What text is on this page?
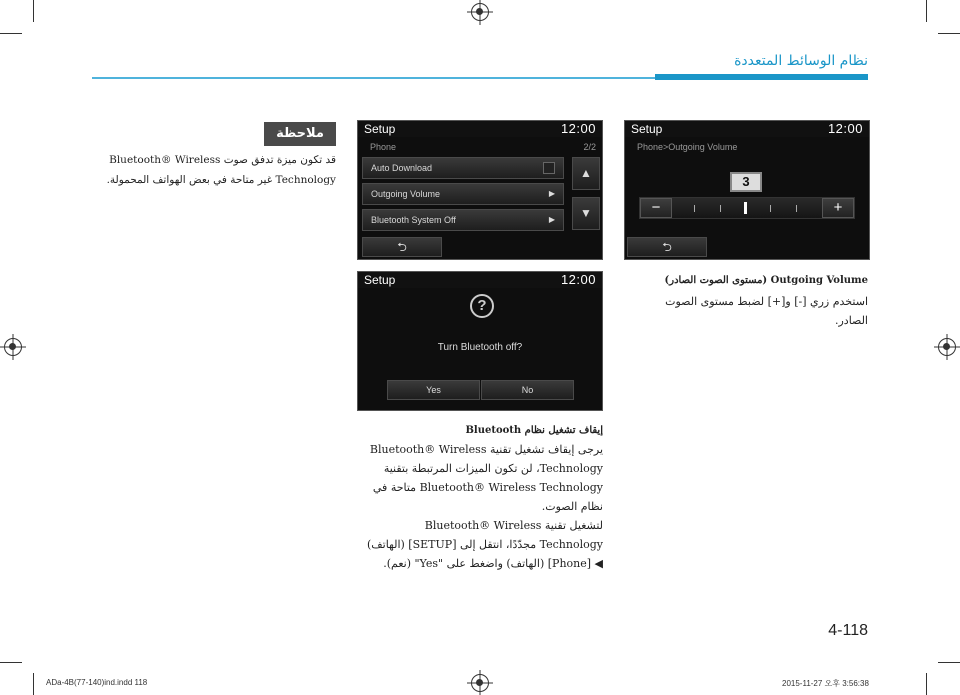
نظام الوسائط المتعددة
ملاحظة
قد تكون ميزة تدفق صوت Bluetooth® Wireless
Technology غير متاحة في بعض الهواتف المحمولة.
Setup	12:00
Phone	2/2
Auto Download
Outgoing Volume	▶
Bluetooth System Off	▶
▲
▼
⮌
Setup	12:00
Phone>Outgoing Volume
3
−	+
⮌
Setup	12:00
?
Turn Bluetooth off?
Yes	No
Outgoing Volume (مستوى الصوت الصادر)

استخدم زري [-] و[+] لضبط مستوى الصوت

الصادر.

إيقاف تشغيل نظام Bluetooth

يرجى إيقاف تشغيل تقنية Bluetooth® Wireless

Technology، لن تكون الميزات المرتبطة بتقنية

Bluetooth® Wireless Technology متاحة في

نظام الصوت.

لتشغيل تقنية Bluetooth® Wireless

Technology مجدّدًا، انتقل إلى [SETUP] (الهاتف)

◀ [Phone] (الهاتف) واضغط على "Yes" (نعم).

4-118
ADa-4B(77-140)ind.indd 118	2015-11-27 오후 3:56:38
